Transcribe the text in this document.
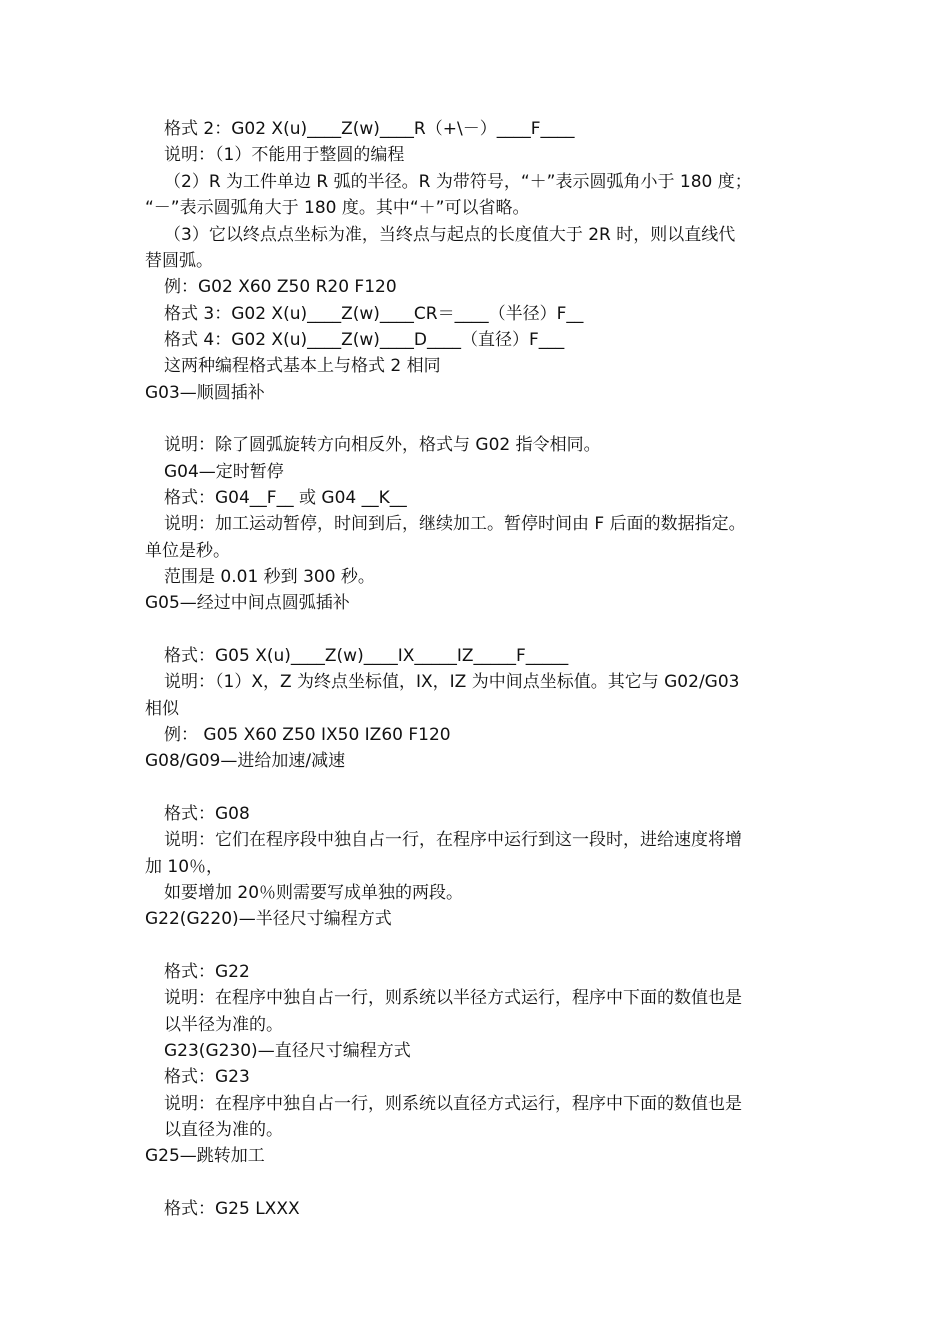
格式 2：G02 X(u)____Z(w)____R（+\－）____F____
说明：（1）不能用于整圆的编程
（2）R 为工件单边 R 弧的半径。R 为带符号，“＋”表示圆弧角小于 180 度；
“－”表示圆弧角大于 180 度。其中“＋”可以省略。
（3）它以终点点坐标为准，当终点与起点的长度值大于 2R 时，则以直线代
替圆弧。
例：G02 X60 Z50 R20 F120
格式 3：G02 X(u)____Z(w)____CR＝____（半径）F__
格式 4：G02 X(u)____Z(w)____D____（直径）F___
这两种编程格式基本上与格式 2 相同
G03—顺圆插补
说明：除了圆弧旋转方向相反外，格式与 G02 指令相同。
G04—定时暂停
格式：G04__F__ 或 G04 __K__
说明：加工运动暂停，时间到后，继续加工。暂停时间由 F 后面的数据指定。
单位是秒。
范围是 0.01 秒到 300 秒。
G05—经过中间点圆弧插补
格式：G05 X(u)____Z(w)____IX_____IZ_____F_____
说明：（1）X，Z 为终点坐标值，IX，IZ 为中间点坐标值。其它与 G02/G03
相似
例： G05 X60 Z50 IX50 IZ60 F120
G08/G09—进给加速/减速
格式：G08
说明：它们在程序段中独自占一行，在程序中运行到这一段时，进给速度将增
加 10％，
如要增加 20％则需要写成单独的两段。
G22(G220)—半径尺寸编程方式
格式：G22
说明：在程序中独自占一行，则系统以半径方式运行，程序中下面的数值也是
以半径为准的。
G23(G230)—直径尺寸编程方式
格式：G23
说明：在程序中独自占一行，则系统以直径方式运行，程序中下面的数值也是
以直径为准的。
G25—跳转加工
格式：G25 LXXX
